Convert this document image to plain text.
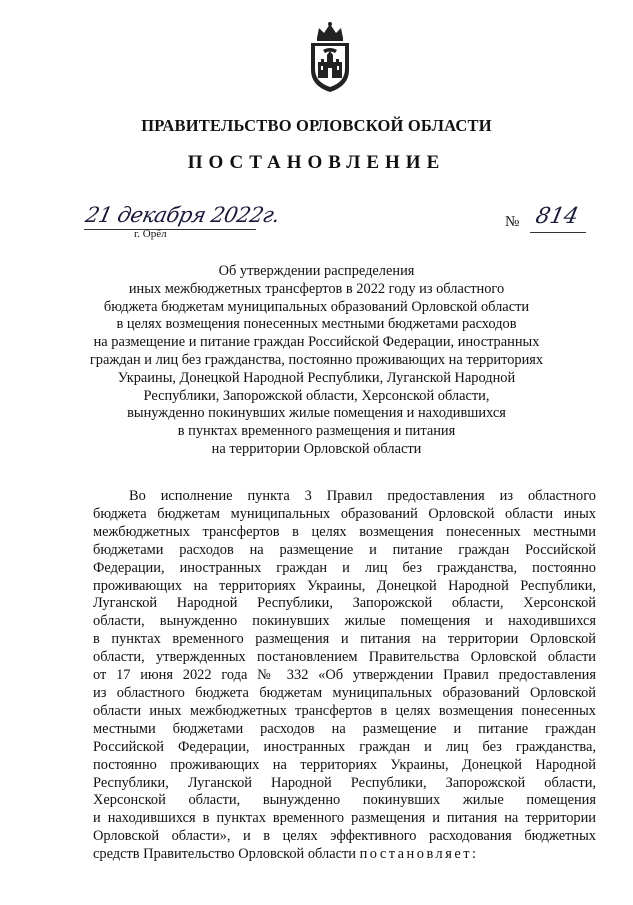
ПРАВИТЕЛЬСТВО ОРЛОВСКОЙ ОБЛАСТИ
ПОСТАНОВЛЕНИЕ
21 декабря 2022г.
г. Орёл
№ 814
Об утверждении распределения
иных межбюджетных трансфертов в 2022 году из областного
бюджета бюджетам муниципальных образований Орловской области
в целях возмещения понесенных местными бюджетами расходов
на размещение и питание граждан Российской Федерации, иностранных
граждан и лиц без гражданства, постоянно проживающих на территориях
Украины, Донецкой Народной Республики, Луганской Народной
Республики, Запорожской области, Херсонской области,
вынужденно покинувших жилые помещения и находившихся
в пунктах временного размещения и питания
на территории Орловской области
Во исполнение пункта 3 Правил предоставления из областного
бюджета бюджетам муниципальных образований Орловской области иных
межбюджетных трансфертов в целях возмещения понесенных местными
бюджетами расходов на размещение и питание граждан Российской
Федерации, иностранных граждан и лиц без гражданства, постоянно
проживающих на территориях Украины, Донецкой Народной Республики,
Луганской Народной Республики, Запорожской области, Херсонской
области, вынужденно покинувших жилые помещения и находившихся
в пунктах временного размещения и питания на территории Орловской
области, утвержденных постановлением Правительства Орловской области
от 17 июня 2022 года № 332 «Об утверждении Правил предоставления
из областного бюджета бюджетам муниципальных образований Орловской
области иных межбюджетных трансфертов в целях возмещения понесенных
местными бюджетами расходов на размещение и питание граждан
Российской Федерации, иностранных граждан и лиц без гражданства,
постоянно проживающих на территориях Украины, Донецкой Народной
Республики, Луганской Народной Республики, Запорожской области,
Херсонской области, вынужденно покинувших жилые помещения
и находившихся в пунктах временного размещения и питания на территории
Орловской области», и в целях эффективного расходования бюджетных
средств Правительство Орловской области постановляет:
